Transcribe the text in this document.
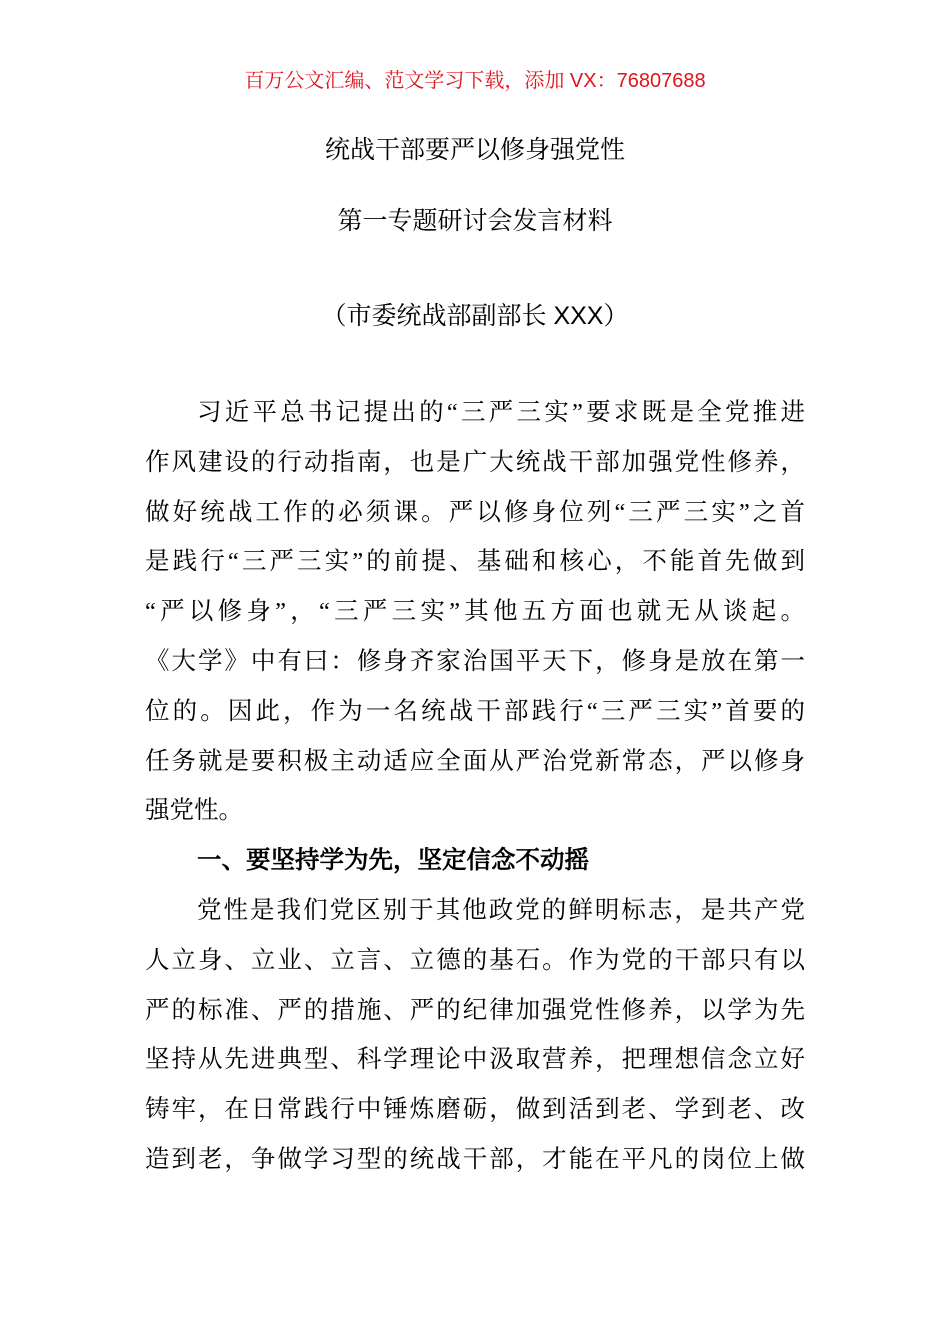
百万公文汇编、范文学习下载，添加 VX：76807688
统战干部要严以修身强党性
第一专题研讨会发言材料
（市委统战部副部长 XXX）
习近平总书记提出的“三严三实”要求既是全党推进
作风建设的行动指南，也是广大统战干部加强党性修养，
做好统战工作的必须课。严以修身位列“三严三实”之首
是践行“三严三实”的前提、基础和核心，不能首先做到
“严以修身”，“三严三实”其他五方面也就无从谈起。
《大学》中有曰：修身齐家治国平天下，修身是放在第一
位的。因此，作为一名统战干部践行“三严三实”首要的
任务就是要积极主动适应全面从严治党新常态，严以修身
强党性。
一、要坚持学为先，坚定信念不动摇
党性是我们党区别于其他政党的鲜明标志，是共产党
人立身、立业、立言、立德的基石。作为党的干部只有以
严的标准、严的措施、严的纪律加强党性修养，以学为先
坚持从先进典型、科学理论中汲取营养，把理想信念立好
铸牢，在日常践行中锤炼磨砺，做到活到老、学到老、改
造到老，争做学习型的统战干部，才能在平凡的岗位上做
